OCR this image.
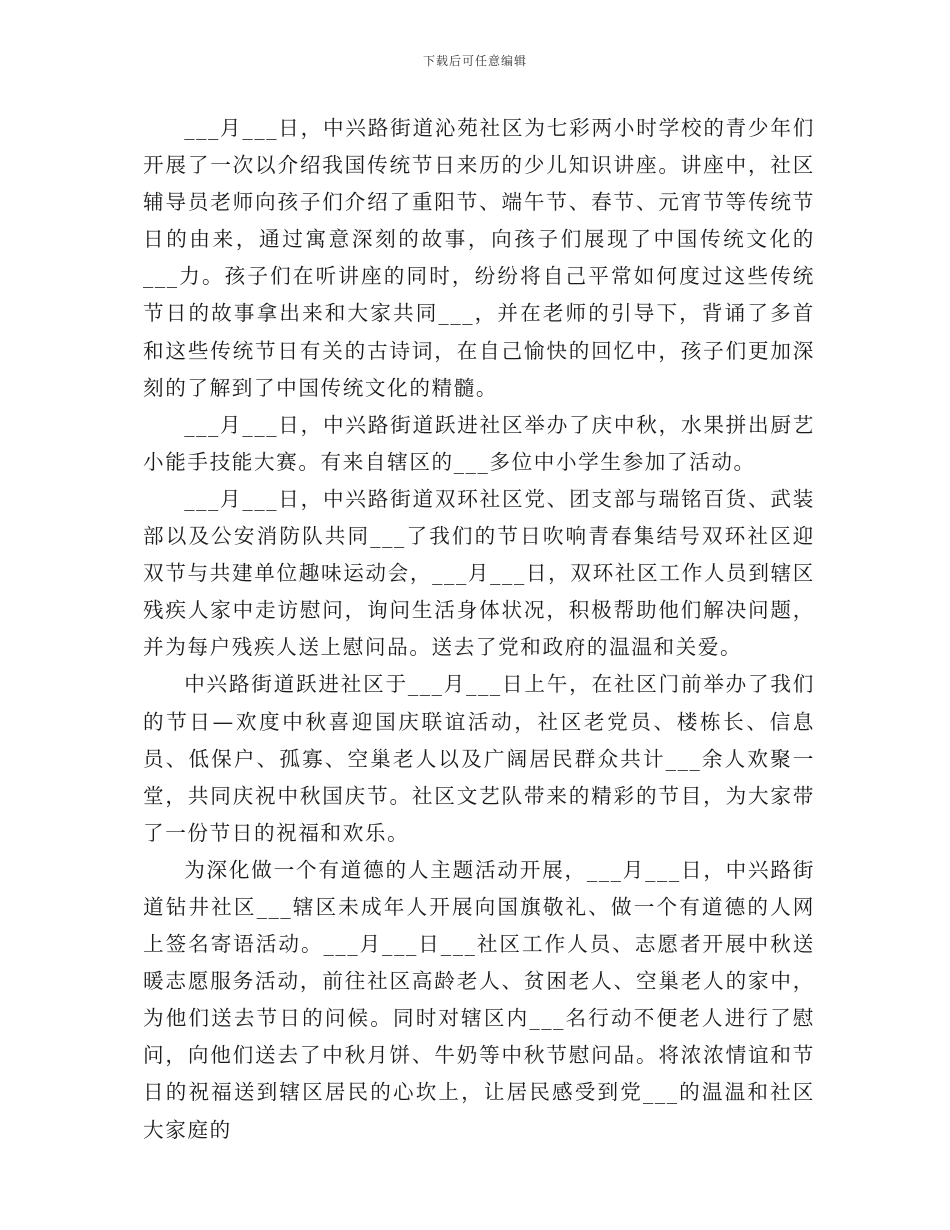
下载后可任意编辑

___月___日，中兴路街道沁苑社区为七彩两小时学校的青少年们开展了一次以介绍我国传统节日来历的少儿知识讲座。讲座中，社区辅导员老师向孩子们介绍了重阳节、端午节、春节、元宵节等传统节日的由来，通过寓意深刻的故事，向孩子们展现了中国传统文化的___力。孩子们在听讲座的同时，纷纷将自己平常如何度过这些传统节日的故事拿出来和大家共同___，并在老师的引导下，背诵了多首和这些传统节日有关的古诗词，在自己愉快的回忆中，孩子们更加深刻的了解到了中国传统文化的精髓。

___月___日，中兴路街道跃进社区举办了庆中秋，水果拼出厨艺小能手技能大赛。有来自辖区的___多位中小学生参加了活动。

___月___日，中兴路街道双环社区党、团支部与瑞铭百货、武装部以及公安消防队共同___了我们的节日吹响青春集结号双环社区迎双节与共建单位趣味运动会，___月___日，双环社区工作人员到辖区残疾人家中走访慰问，询问生活身体状况，积极帮助他们解决问题，并为每户残疾人送上慰问品。送去了党和政府的温温和关爱。

中兴路街道跃进社区于___月___日上午，在社区门前举办了我们的节日—欢度中秋喜迎国庆联谊活动，社区老党员、楼栋长、信息员、低保户、孤寡、空巢老人以及广阔居民群众共计___余人欢聚一堂，共同庆祝中秋国庆节。社区文艺队带来的精彩的节目，为大家带了一份节日的祝福和欢乐。

为深化做一个有道德的人主题活动开展，___月___日，中兴路街道钻井社区___辖区未成年人开展向国旗敬礼、做一个有道德的人网上签名寄语活动。___月___日___社区工作人员、志愿者开展中秋送暖志愿服务活动，前往社区高龄老人、贫困老人、空巢老人的家中，为他们送去节日的问候。同时对辖区内___名行动不便老人进行了慰问，向他们送去了中秋月饼、牛奶等中秋节慰问品。将浓浓情谊和节日的祝福送到辖区居民的心坎上，让居民感受到党___的温温和社区大家庭的
